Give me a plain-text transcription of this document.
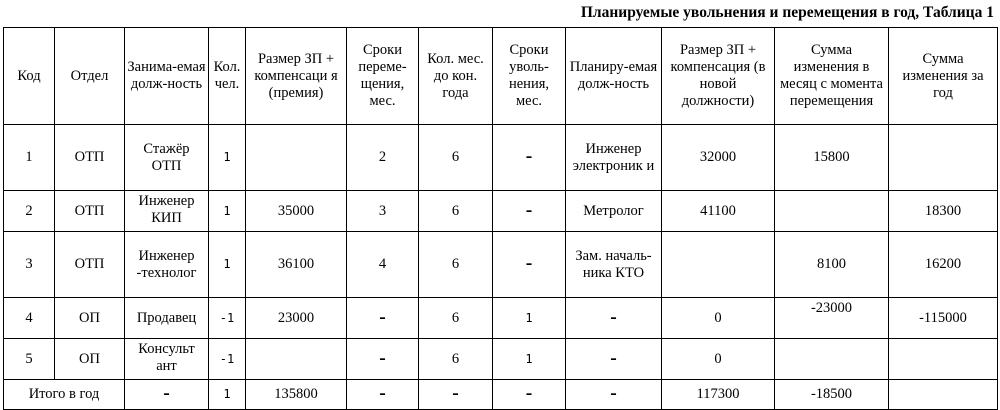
Планируемые увольнения и перемещения в год, Таблица 1
Код	Отдел	Занима-емая долж-ность	Кол. чел.	Размер ЗП + компенсаци я (премия)	Сроки переме-щения, мес.	Кол. мес. до кон. года	Сроки уволь-нения, мес.	Планиру-емая долж-ность	Размер ЗП + компенсация (в новой должности)	Сумма изменения в месяц с момента перемещения	Сумма изменения за год
1	ОТП	Стажёр ОТП	1		2	6	–	Инженер электроник и	32000	15800	
2	ОТП	Инженер КИП	1	35000	3	6	–	Метролог	41100		18300
3	ОТП	Инженер -технолог	1	36100	4	6	–	Зам. началь-ника КТО		8100	16200
4	ОП	Продавец	-1	23000	–	6	1	–	0	-23000	-115000
5	ОП	Консульт ант	-1		–	6	1	–	0		
Итого в год		–	1	135800	–	–	–	–	117300	-18500	
